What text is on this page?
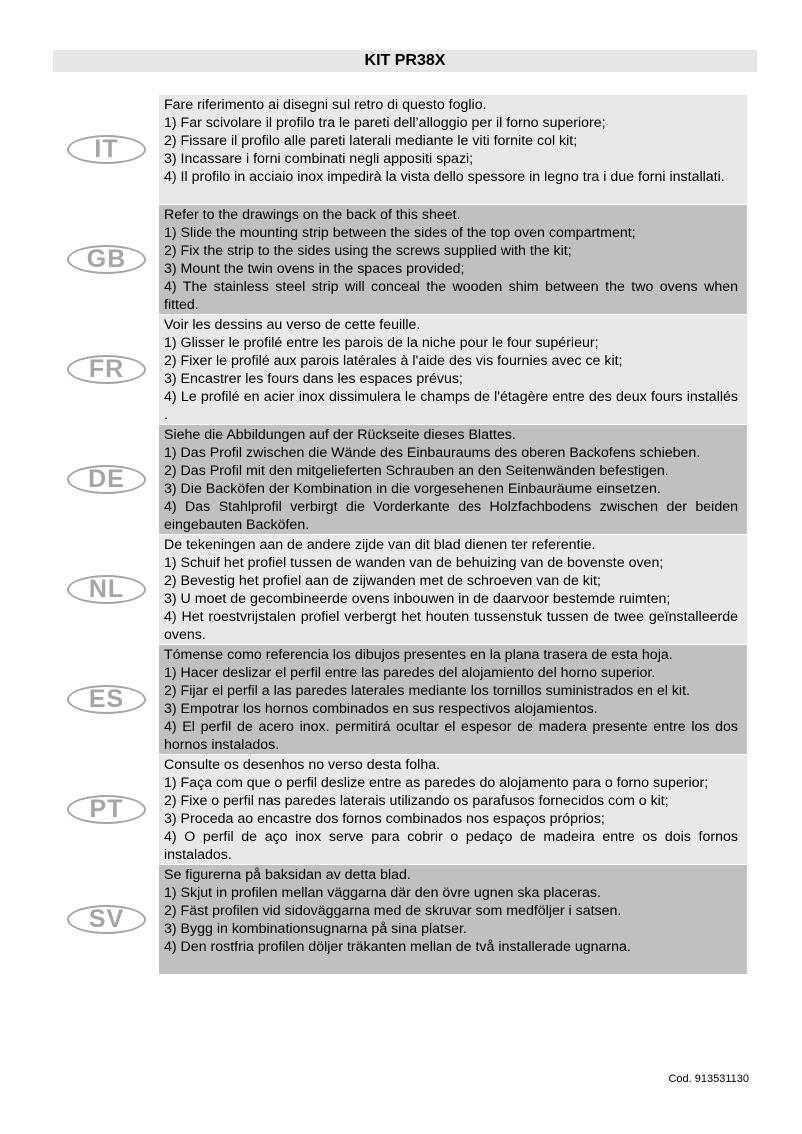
KIT PR38X
IT

Fare riferimento ai disegni sul retro di questo foglio.

1) Far scivolare il profilo tra le pareti dell’alloggio per il forno superiore;

2) Fissare il profilo alle pareti laterali mediante le viti fornite col kit;

3) Incassare i forni combinati negli appositi spazi;

4) Il profilo in acciaio inox impedirà la vista dello spessore in legno tra i due forni installati.

GB

Refer to the drawings on the back of this sheet.

1) Slide the mounting strip between the sides of the top oven compartment;

2) Fix the strip to the sides using the screws supplied with the kit;

3) Mount the twin ovens in the spaces provided;

4) The stainless steel strip will conceal the wooden shim between the two ovens when fitted.

FR

Voir les dessins au verso de cette feuille.

1) Glisser le profilé entre les parois de la niche pour le four supérieur;

2) Fixer le profilé aux parois latérales à l'aide des vis fournies avec ce kit;

3) Encastrer les fours dans les espaces prévus;

4) Le profilé en acier inox dissimulera le champs de l'étagère entre des deux fours installés .

DE

Siehe die Abbildungen auf der Rückseite dieses Blattes.

1) Das Profil zwischen die Wände des Einbauraums des oberen Backofens schieben.

2) Das Profil mit den mitgelieferten Schrauben an den Seitenwänden befestigen.

3) Die Backöfen der Kombination in die vorgesehenen Einbauräume einsetzen.

4) Das Stahlprofil verbirgt die Vorderkante des Holzfachbodens zwischen der beiden eingebauten Backöfen.

NL

De tekeningen aan de andere zijde van dit blad dienen ter referentie.

1) Schuif het profiel tussen de wanden van de behuizing van de bovenste oven;

2) Bevestig het profiel aan de zijwanden met de schroeven van de kit;

3) U moet de gecombineerde ovens inbouwen in de daarvoor bestemde ruimten;

4) Het roestvrijstalen profiel verbergt het houten tussenstuk tussen de twee geïnstalleerde ovens.

ES

Tómense como referencia los dibujos presentes en la plana trasera de esta hoja.

1) Hacer deslizar el perfil entre las paredes del alojamiento del horno superior.

2) Fijar el perfil a las paredes laterales mediante los tornillos suministrados en el kit.

3) Empotrar los hornos combinados en sus respectivos alojamientos.

4) El perfil de acero inox. permitirá ocultar el espesor de madera presente entre los dos hornos instalados.

PT

Consulte os desenhos no verso desta folha.

1) Faça com que o perfil deslize entre as paredes do alojamento para o forno superior;

2) Fixe o perfil nas paredes laterais utilizando os parafusos fornecidos com o kit;

3) Proceda ao encastre dos fornos combinados nos espaços próprios;

4) O perfil de aço inox serve para cobrir o pedaço de madeira entre os dois fornos instalados.

SV

Se figurerna på baksidan av detta blad.

1) Skjut in profilen mellan väggarna där den övre ugnen ska placeras.

2) Fäst profilen vid sidoväggarna med de skruvar som medföljer i satsen.

3) Bygg in kombinationsugnarna på sina platser.

4) Den rostfria profilen döljer träkanten mellan de två installerade ugnarna.

Cod. 913531130
